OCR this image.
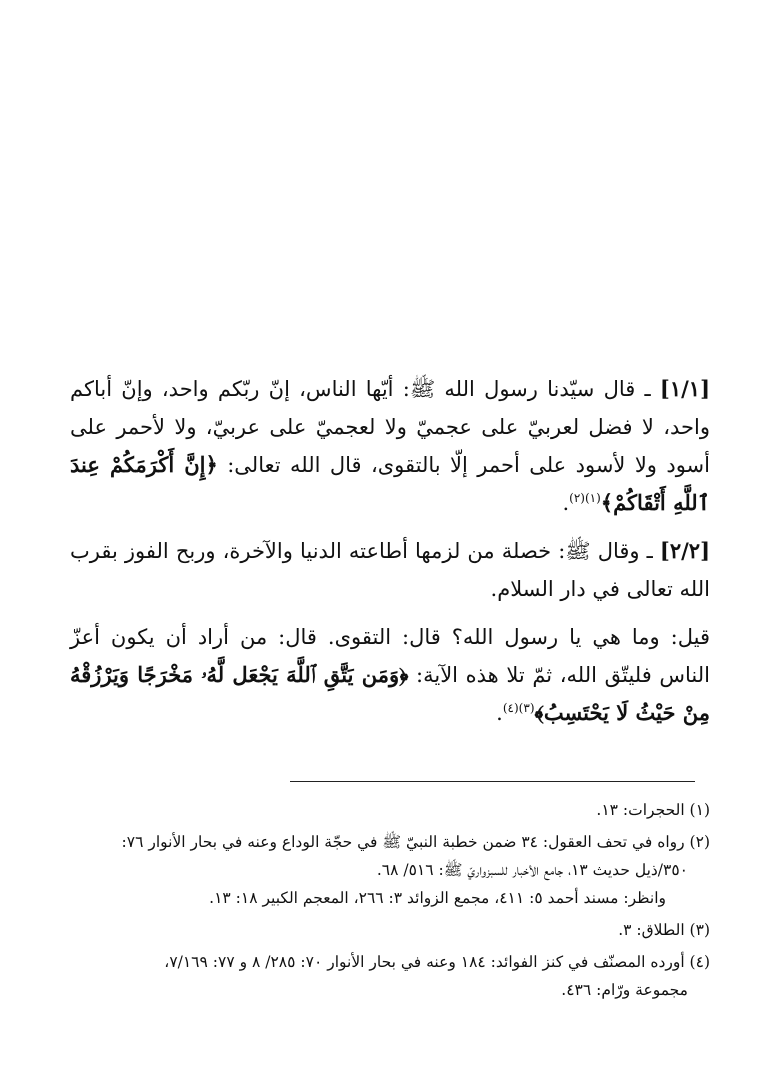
[١/١] ـ قال سيّدنا رسول الله ﷺ: أيّها الناس، إنّ ربّكم واحد، وإنّ أباكم واحد، لا فضل لعربيّ على عجميّ ولا لعجميّ على عربيّ، ولا لأحمر على أسود ولا لأسود على أحمر إلّا بالتقوى، قال الله تعالى: ﴿إِنَّ أَكْرَمَكُمْ عِندَ ٱللَّهِ أَتْقَاكُمْ﴾$^{(١)(٢)}$.

[٢/٢] ـ وقال ﷺ: خصلة من لزمها أطاعته الدنيا والآخرة، وربح الفوز بقرب الله تعالى في دار السلام.

قيل: وما هي يا رسول الله؟ قال: التقوى. قال: من أراد أن يكون أعزّ الناس فليتّق الله، ثمّ تلا هذه الآية: ﴿وَمَن يَتَّقِ ٱللَّهَ يَجْعَل لَّهُۥ مَخْرَجًا وَيَرْزُقْهُ مِنْ حَيْثُ لَا يَحْتَسِبُ﴾$^{(٣)(٤)}$.

(١) الحجرات: ١٣.
(٢) رواه في تحف العقول: ٣٤ ضمن خطبة النبيّ ﷺ في حجّة الوداع وعنه في بحار الأنوار ٧٦:
٣٥٠/ذيل حديث ١٣، جامع الأخبار للسبزواريّ ﷺ: ٥١٦/ ٦٨.
وانظر: مسند أحمد ٥: ٤١١، مجمع الزوائد ٣: ٢٦٦، المعجم الكبير ١٨: ١٣.
(٣) الطلاق: ٣.
(٤) أورده المصنّف في كنز الفوائد: ١٨٤ وعنه في بحار الأنوار ٧٠: ٢٨٥/ ٨ و ٧٧: ٧/١٦٩،
مجموعة ورّام: ٤٣٦.
